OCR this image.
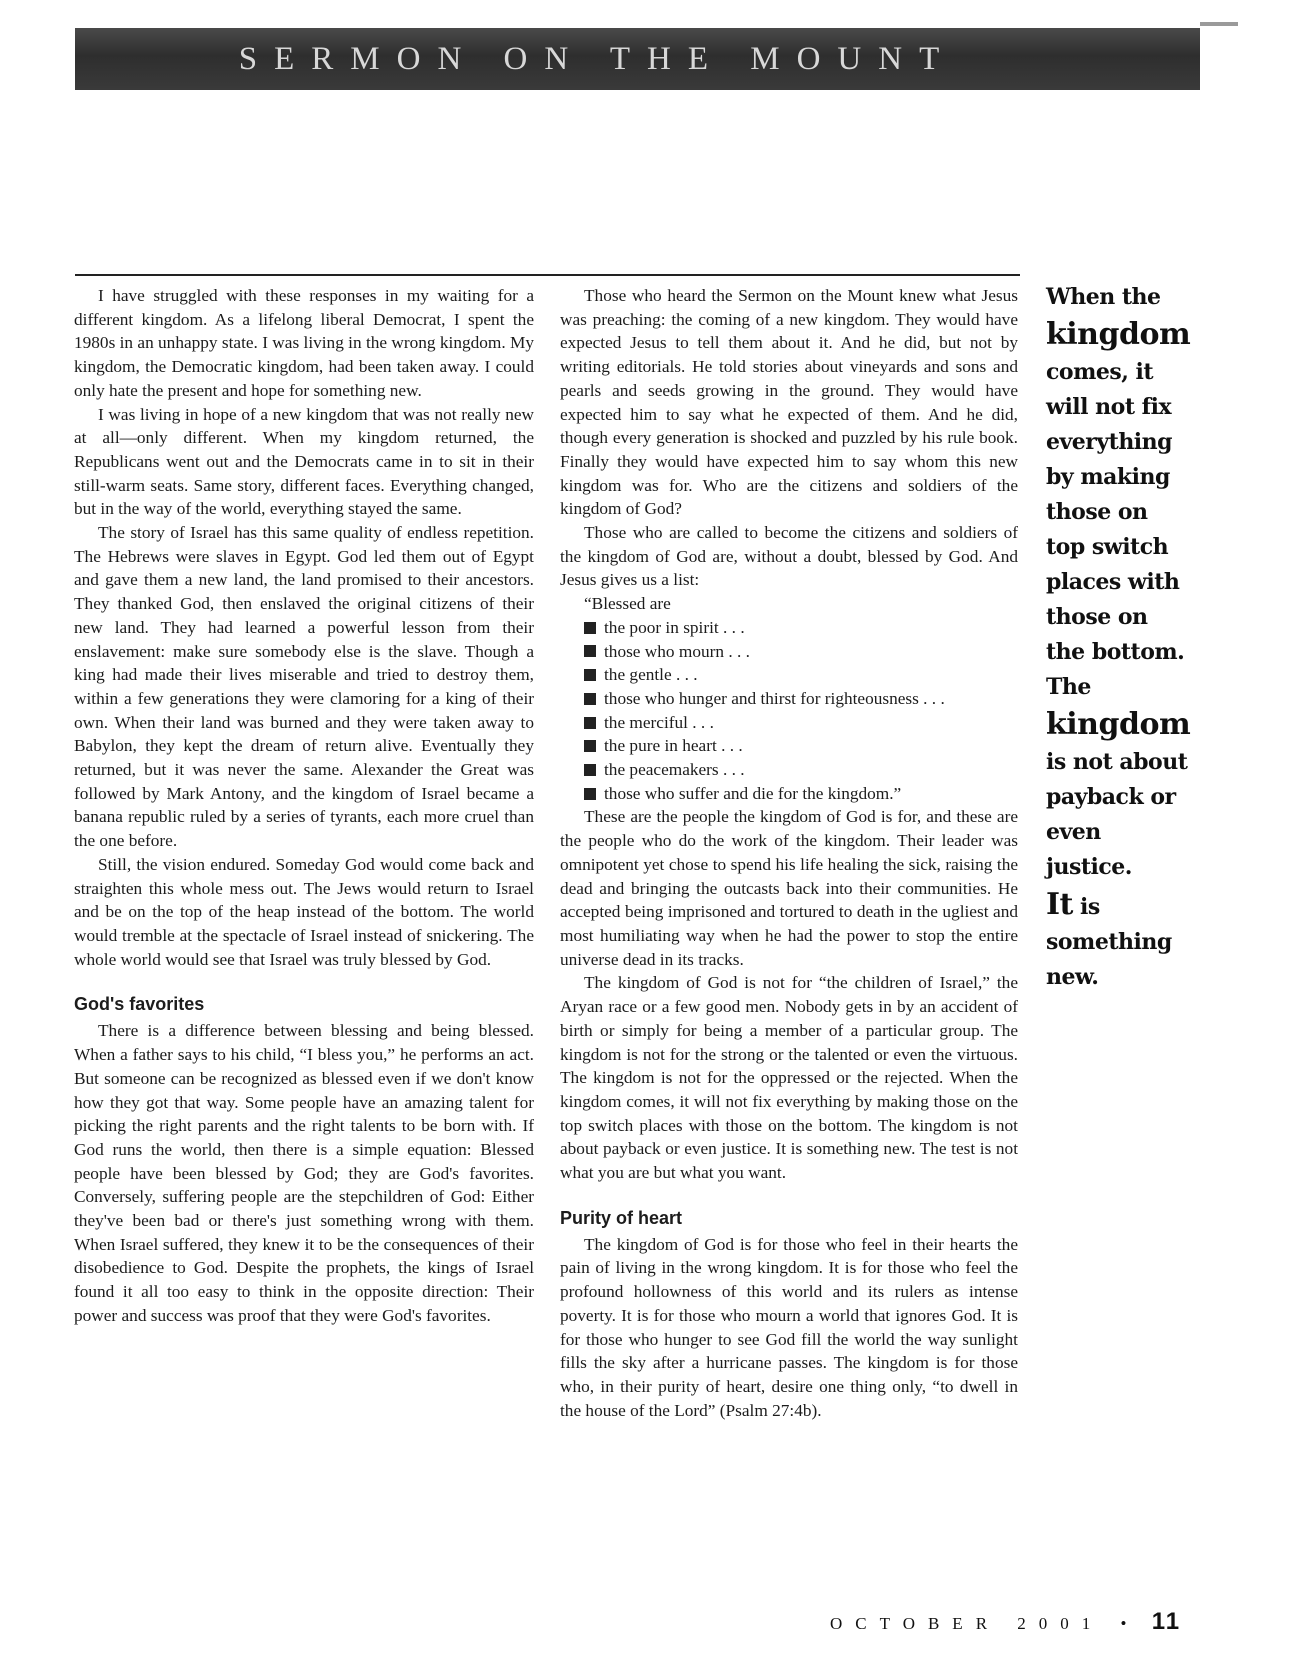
SERMON ON THE MOUNT

I have struggled with these responses in my waiting for a different kingdom. As a lifelong liberal Democrat, I spent the 1980s in an unhappy state. I was living in the wrong kingdom. My kingdom, the Democratic kingdom, had been taken away. I could only hate the present and hope for something new.

I was living in hope of a new kingdom that was not really new at all—only different. When my kingdom returned, the Republicans went out and the Democrats came in to sit in their still-warm seats. Same story, different faces. Everything changed, but in the way of the world, everything stayed the same.

The story of Israel has this same quality of endless repetition. The Hebrews were slaves in Egypt. God led them out of Egypt and gave them a new land, the land promised to their ancestors. They thanked God, then enslaved the original citizens of their new land. They had learned a powerful lesson from their enslavement: make sure somebody else is the slave. Though a king had made their lives miserable and tried to destroy them, within a few generations they were clamoring for a king of their own. When their land was burned and they were taken away to Babylon, they kept the dream of return alive. Eventually they returned, but it was never the same. Alexander the Great was followed by Mark Antony, and the kingdom of Israel became a banana republic ruled by a series of tyrants, each more cruel than the one before.

Still, the vision endured. Someday God would come back and straighten this whole mess out. The Jews would return to Israel and be on the top of the heap instead of the bottom. The world would tremble at the spectacle of Israel instead of snickering. The whole world would see that Israel was truly blessed by God.

God's favorites

There is a difference between blessing and being blessed. When a father says to his child, “I bless you,” he performs an act. But someone can be recognized as blessed even if we don't know how they got that way. Some people have an amazing talent for picking the right parents and the right talents to be born with. If God runs the world, then there is a simple equation: Blessed people have been blessed by God; they are God's favorites. Conversely, suffering people are the stepchildren of God: Either they've been bad or there's just something wrong with them. When Israel suffered, they knew it to be the consequences of their disobedience to God. Despite the prophets, the kings of Israel found it all too easy to think in the opposite direction: Their power and success was proof that they were God's favorites.

Those who heard the Sermon on the Mount knew what Jesus was preaching: the coming of a new kingdom. They would have expected Jesus to tell them about it. And he did, but not by writing editorials. He told stories about vineyards and sons and pearls and seeds growing in the ground. They would have expected him to say what he expected of them. And he did, though every generation is shocked and puzzled by his rule book. Finally they would have expected him to say whom this new kingdom was for. Who are the citizens and soldiers of the kingdom of God?

Those who are called to become the citizens and soldiers of the kingdom of God are, without a doubt, blessed by God. And Jesus gives us a list:

“Blessed are

the poor in spirit . . .
those who mourn . . .
the gentle . . .
those who hunger and thirst for righteousness . . .
the merciful . . .
the pure in heart . . .
the peacemakers . . .
those who suffer and die for the kingdom.”

These are the people the kingdom of God is for, and these are the people who do the work of the kingdom. Their leader was omnipotent yet chose to spend his life healing the sick, raising the dead and bringing the outcasts back into their communities. He accepted being imprisoned and tortured to death in the ugliest and most humiliating way when he had the power to stop the entire universe dead in its tracks.

The kingdom of God is not for “the children of Israel,” the Aryan race or a few good men. Nobody gets in by an accident of birth or simply for being a member of a particular group. The kingdom is not for the strong or the talented or even the virtuous. The kingdom is not for the oppressed or the rejected. When the kingdom comes, it will not fix everything by making those on the top switch places with those on the bottom. The kingdom is not about payback or even justice. It is something new. The test is not what you are but what you want.

Purity of heart

The kingdom of God is for those who feel in their hearts the pain of living in the wrong kingdom. It is for those who feel the profound hollowness of this world and its rulers as intense poverty. It is for those who mourn a world that ignores God. It is for those who hunger to see God fill the world the way sunlight fills the sky after a hurricane passes. The kingdom is for those who, in their purity of heart, desire one thing only, “to dwell in the house of the Lord” (Psalm 27:4b).

When the
kingdom
comes, it
will not fix
everything
by making
those on
top switch
places with
those on
the bottom.
The
kingdom
is not about
payback or
even
justice.
It is
something
new.
OCTOBER 2001 • 11
